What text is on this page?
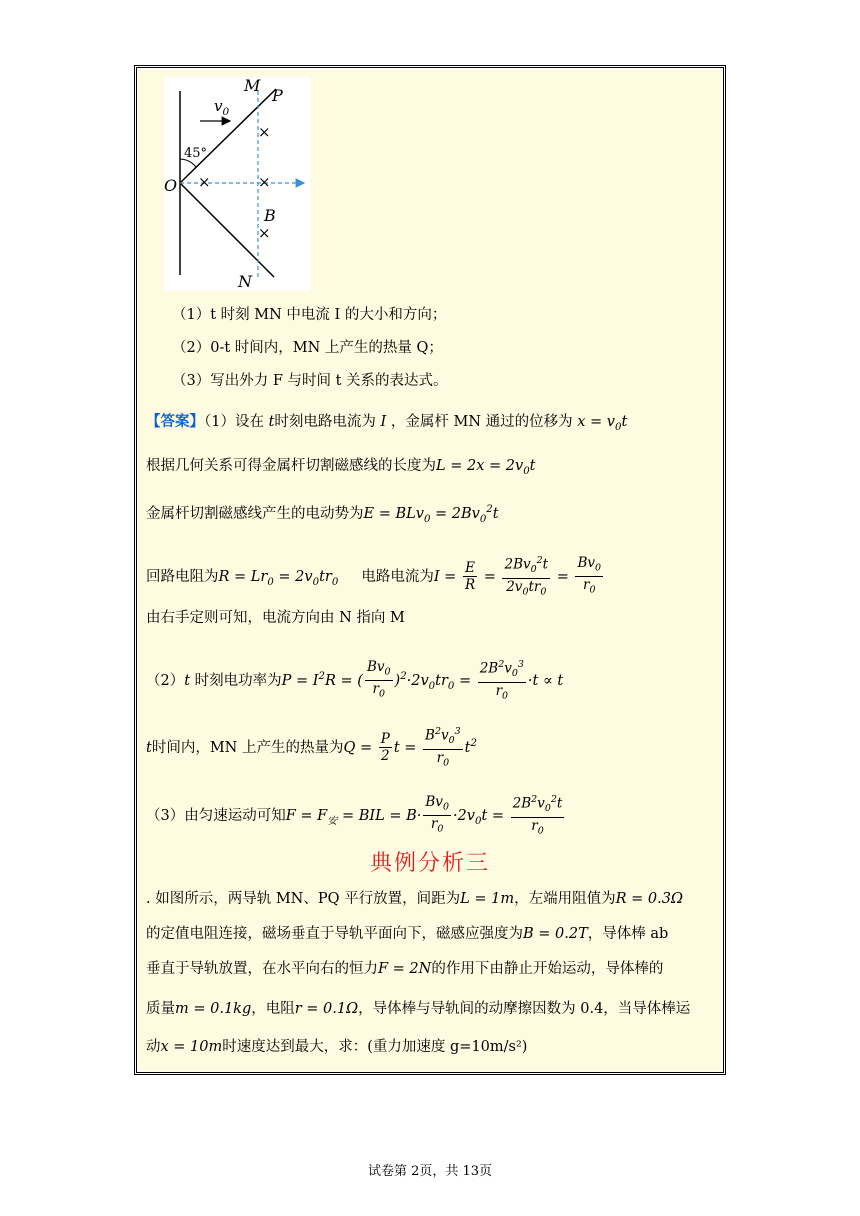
M
P
$v_0$
45°
O
B
N
×
×	×
×
（1）t 时刻 MN 中电流 I 的大小和方向；
（2）0-t 时间内，MN 上产生的热量 Q；
（3）写出外力 F 与时间 t 关系的表达式。
【答案】（1）设在 t时刻电路电流为 I ，金属杆 MN 通过的位移为 $x = v_0t$
根据几何关系可得金属杆切割磁感线的长度为$L = 2x = 2v_0t$
金属杆切割磁感线产生的电动势为$E = BLv_0 = 2Bv_0^2t$
回路电阻为$R = Lr_0 = 2v_0tr_0$ 电路电流为$I = \frac{E}{R} = \frac{2Bv_0^2t}{2v_0tr_0} = \frac{Bv_0}{r_0}$
由右手定则可知，电流方向由 N 指向 M
（2）t 时刻电功率为$P = I^2R$ = ( $\frac{Bv_0}{r_0} )^2\cdot 2v_0tr_0 = \frac{2B^2v_0^3}{r_0} \cdot t \propto t$
t时间内，MN 上产生的热量为$Q = \frac{P}{2}$ $t = \frac{B^2v_0^3}{r_0} t^2$
（3）由匀速运动可知$F = F_安$ = BIL = $B\cdot \frac{Bv_0}{r_0} \cdot 2v_0t = \frac{2B^2v_0^2t}{r_0}$
典例分析三
. 如图所示，两导轨 MN、PQ 平行放置，间距为L = 1m，左端用阻值为R = 0.3Ω
的定值电阻连接，磁场垂直于导轨平面向下，磁感应强度为B = 0.2T，导体棒 ab
垂直于导轨放置，在水平向右的恒力F = 2N的作用下由静止开始运动，导体棒的
质量m = 0.1kg，电阻r = 0.1Ω，导体棒与导轨间的动摩擦因数为 0.4，当导体棒运
动x = 10m时速度达到最大，求：(重力加速度 g=10m/s²)
试卷第 2页，共 13页
